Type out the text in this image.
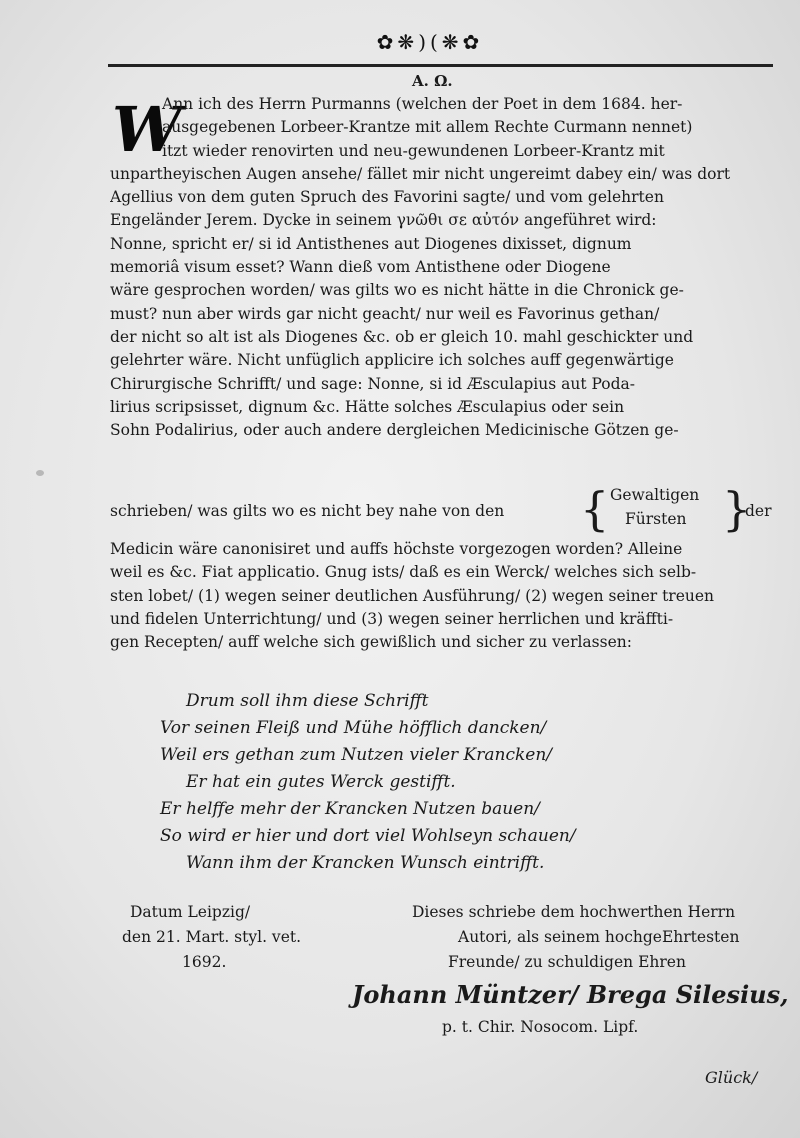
✿❋)(❋✿
A. Ω.
W
Ann ich des Herrn Purmanns (welchen der Poet in dem 1684. her-
ausgegebenen Lorbeer-Krantze mit allem Rechte Curmann nennet)
itzt wieder renovirten und neu-gewundenen Lorbeer-Krantz mit
unpartheyischen Augen ansehe/ fället mir nicht ungereimt dabey ein/ was dort
Agellius von dem guten Spruch des Favorini sagte/ und vom gelehrten
Engeländer Jerem. Dycke in seinem γνῶθι σε αὐτόν angeführet wird:
Nonne, spricht er/ si id Antisthenes aut Diogenes dixisset, dignum
memoriâ visum esset? Wann dieß vom Antisthene oder Diogene
wäre gesprochen worden/ was gilts wo es nicht hätte in die Chronick ge-
must? nun aber wirds gar nicht geacht/ nur weil es Favorinus gethan/
der nicht so alt ist als Diogenes &c. ob er gleich 10. mahl geschickter und
gelehrter wäre. Nicht unfüglich applicire ich solches auff gegenwärtige
Chirurgische Schrifft/ und sage: Nonne, si id Æsculapius aut Poda-
lirius scripsisset, dignum &c. Hätte solches Æsculapius oder sein
Sohn Podalirius, oder auch andere dergleichen Medicinische Götzen ge-
schrieben/ was gilts wo es nicht bey nahe von den { Gewaltigen
Fürsten }
der
Medicin wäre canonisiret und auffs höchste vorgezogen worden? Alleine
weil es &c. Fiat applicatio. Gnug ists/ daß es ein Werck/ welches sich selb-
sten lobet/ (1) wegen seiner deutlichen Ausführung/ (2) wegen seiner treuen
und fidelen Unterrichtung/ und (3) wegen seiner herrlichen und kräffti-
gen Recepten/ auff welche sich gewißlich und sicher zu verlassen:
Drum soll ihm diese Schrifft
Vor seinen Fleiß und Mühe höfflich dancken/
Weil ers gethan zum Nutzen vieler Krancken/
Er hat ein gutes Werck gestifft.
Er helffe mehr der Krancken Nutzen bauen/
So wird er hier und dort viel Wohlseyn schauen/
Wann ihm der Krancken Wunsch eintrifft.
Datum Leipzig/
den 21. Mart. styl. vet.
1692.
Dieses schriebe dem hochwerthen Herrn
Autori, als seinem hochgeEhrtesten
Freunde/ zu schuldigen Ehren
Johann Müntzer/ Brega Silesius,
p. t. Chir. Nosocom. Lipf.
Glück/
